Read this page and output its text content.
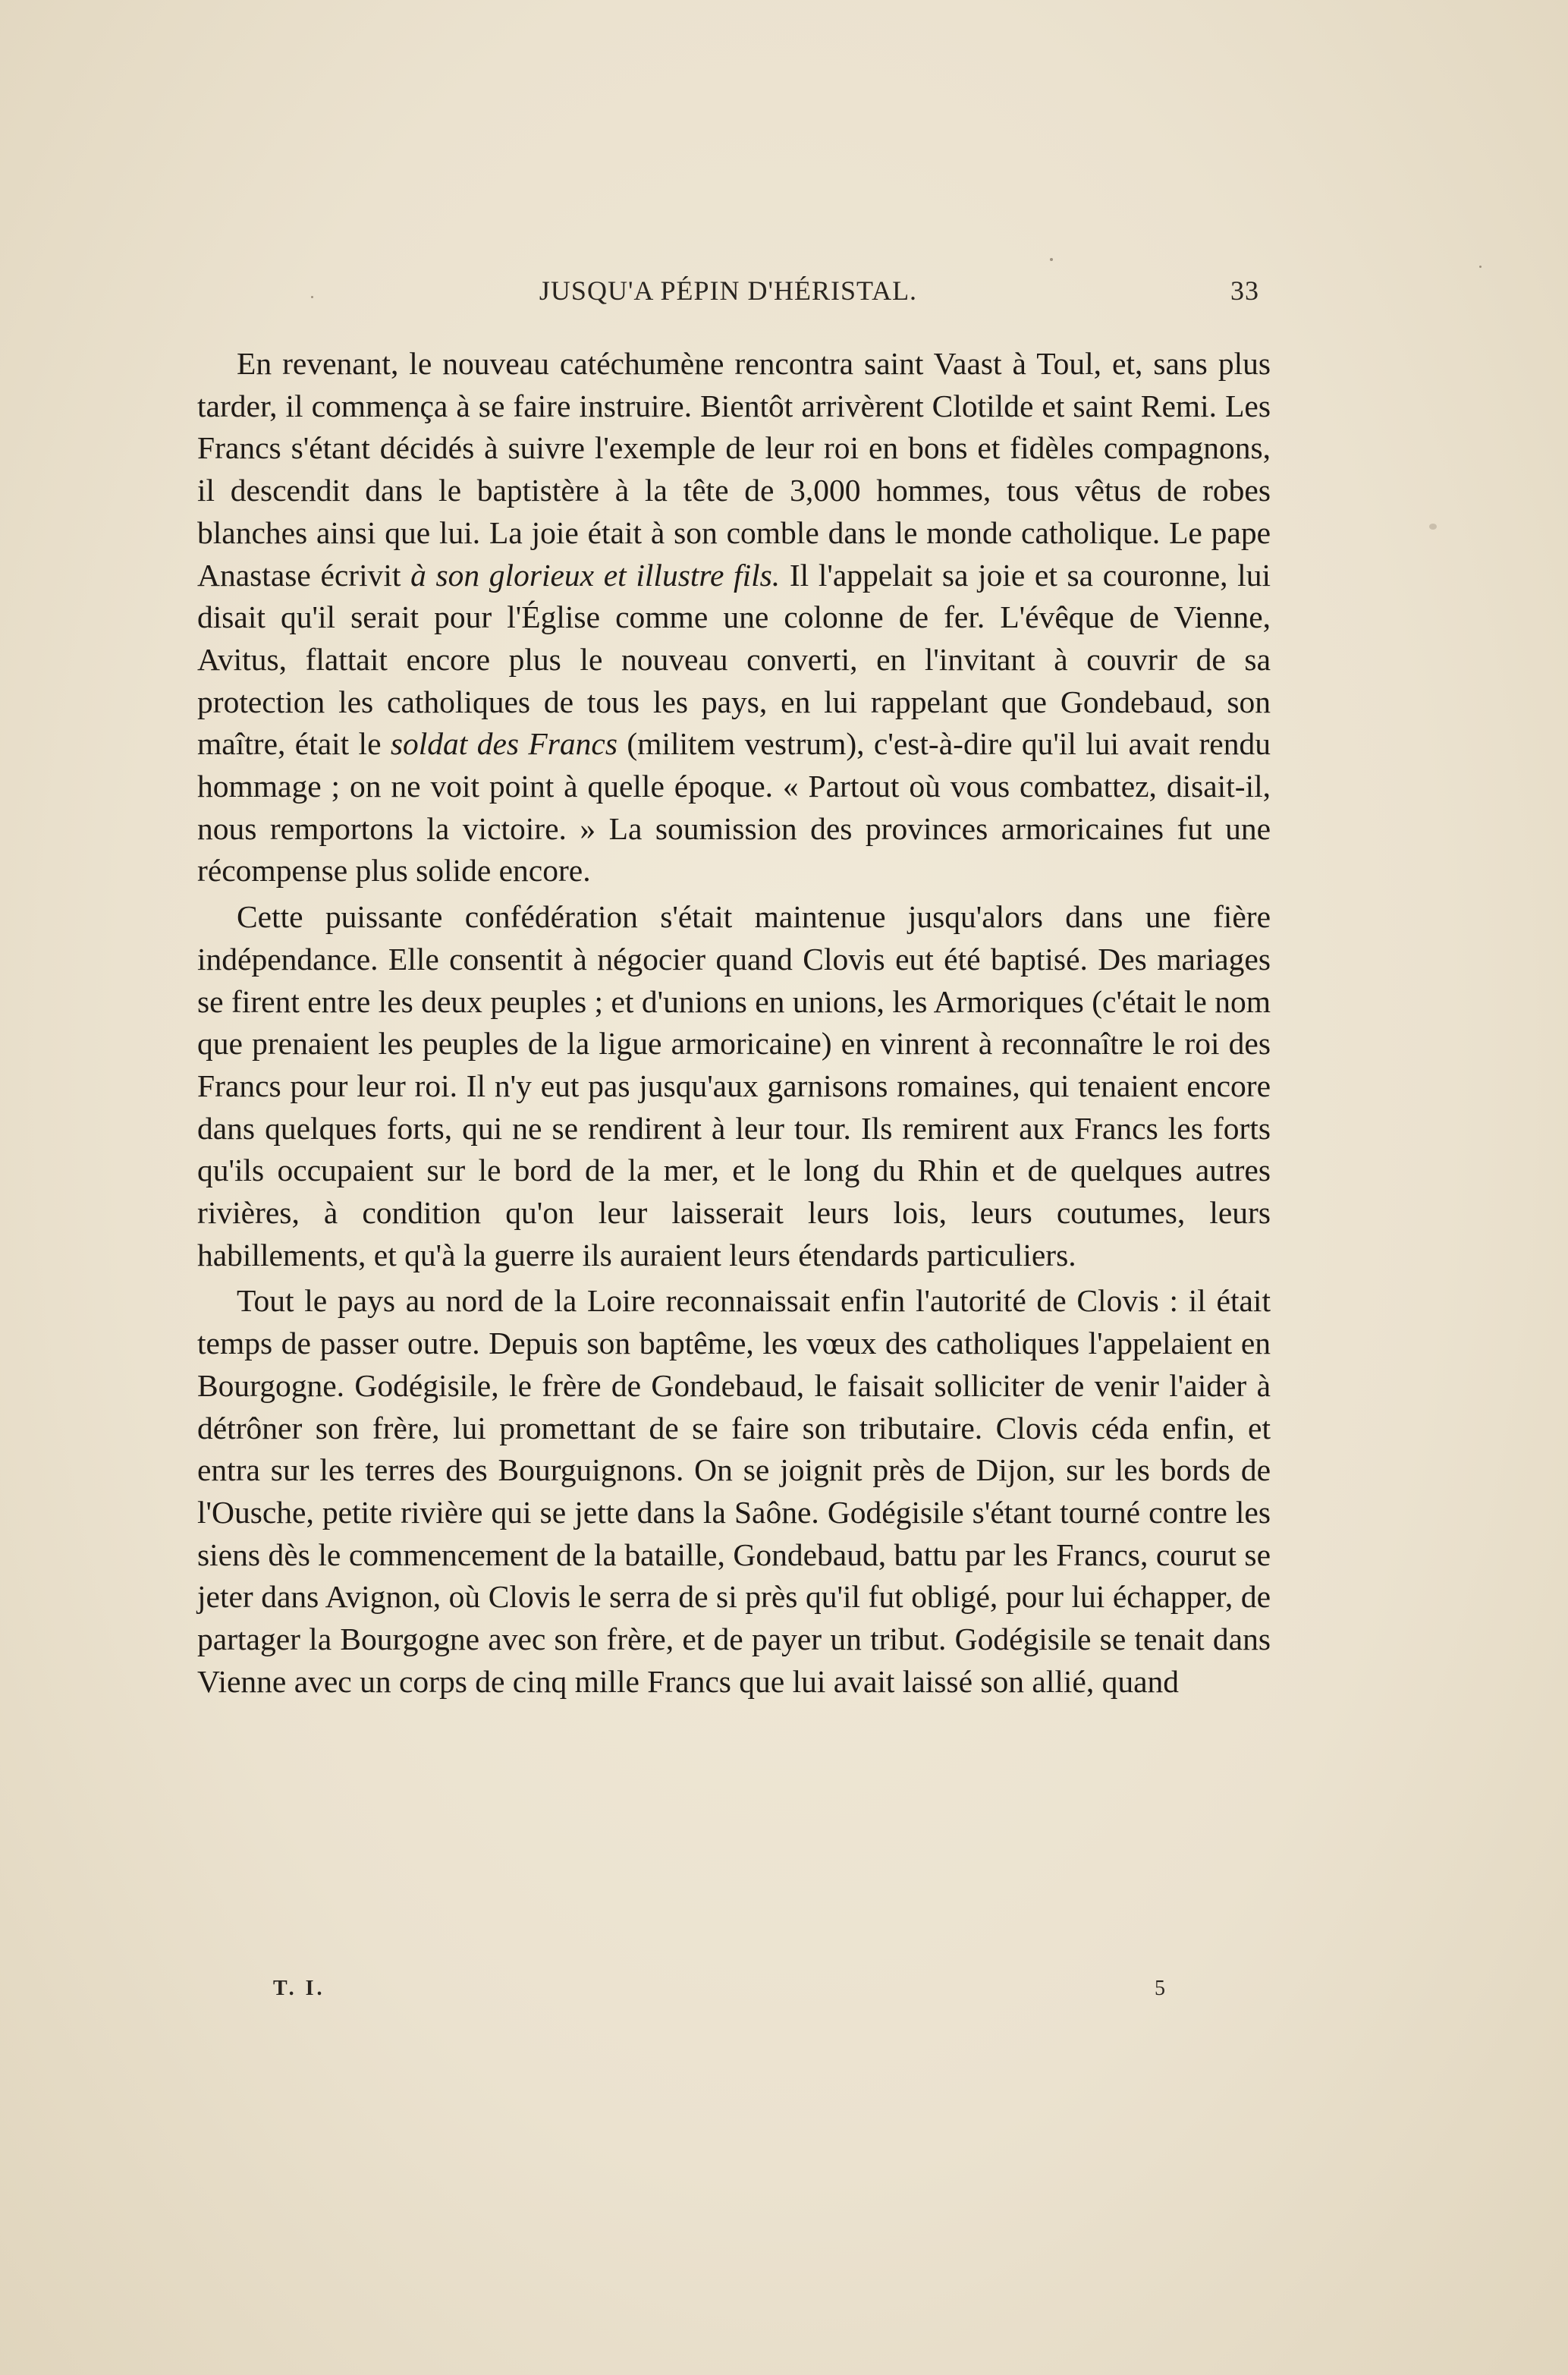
JUSQU'A PÉPIN D'HÉRISTAL.	33

En revenant, le nouveau catéchumène rencontra saint Vaast à Toul, et, sans plus tarder, il commença à se faire instruire. Bientôt arrivèrent Clotilde et saint Remi. Les Francs s'étant décidés à suivre l'exemple de leur roi en bons et fidèles compagnons, il descendit dans le baptistère à la tête de 3,000 hommes, tous vêtus de robes blanches ainsi que lui. La joie était à son comble dans le monde catholique. Le pape Anastase écrivit à son glorieux et illustre fils. Il l'appelait sa joie et sa couronne, lui disait qu'il serait pour l'Église comme une colonne de fer. L'évêque de Vienne, Avitus, flattait encore plus le nouveau converti, en l'invitant à couvrir de sa protection les catholiques de tous les pays, en lui rappelant que Gondebaud, son maître, était le soldat des Francs (militem vestrum), c'est-à-dire qu'il lui avait rendu hommage ; on ne voit point à quelle époque. « Partout où vous combattez, disait-il, nous remportons la victoire. » La soumission des provinces armoricaines fut une récompense plus solide encore.

Cette puissante confédération s'était maintenue jusqu'alors dans une fière indépendance. Elle consentit à négocier quand Clovis eut été baptisé. Des mariages se firent entre les deux peuples ; et d'unions en unions, les Armoriques (c'était le nom que prenaient les peuples de la ligue armoricaine) en vinrent à reconnaître le roi des Francs pour leur roi. Il n'y eut pas jusqu'aux garnisons romaines, qui tenaient encore dans quelques forts, qui ne se rendirent à leur tour. Ils remirent aux Francs les forts qu'ils occupaient sur le bord de la mer, et le long du Rhin et de quelques autres rivières, à condition qu'on leur laisserait leurs lois, leurs coutumes, leurs habillements, et qu'à la guerre ils auraient leurs étendards particuliers.

Tout le pays au nord de la Loire reconnaissait enfin l'autorité de Clovis : il était temps de passer outre. Depuis son baptême, les vœux des catholiques l'appelaient en Bourgogne. Godégisile, le frère de Gondebaud, le faisait solliciter de venir l'aider à détrôner son frère, lui promettant de se faire son tributaire. Clovis céda enfin, et entra sur les terres des Bourguignons. On se joignit près de Dijon, sur les bords de l'Ousche, petite rivière qui se jette dans la Saône. Godégisile s'étant tourné contre les siens dès le commencement de la bataille, Gondebaud, battu par les Francs, courut se jeter dans Avignon, où Clovis le serra de si près qu'il fut obligé, pour lui échapper, de partager la Bourgogne avec son frère, et de payer un tribut. Godégisile se tenait dans Vienne avec un corps de cinq mille Francs que lui avait laissé son allié, quand

T. I.	5
